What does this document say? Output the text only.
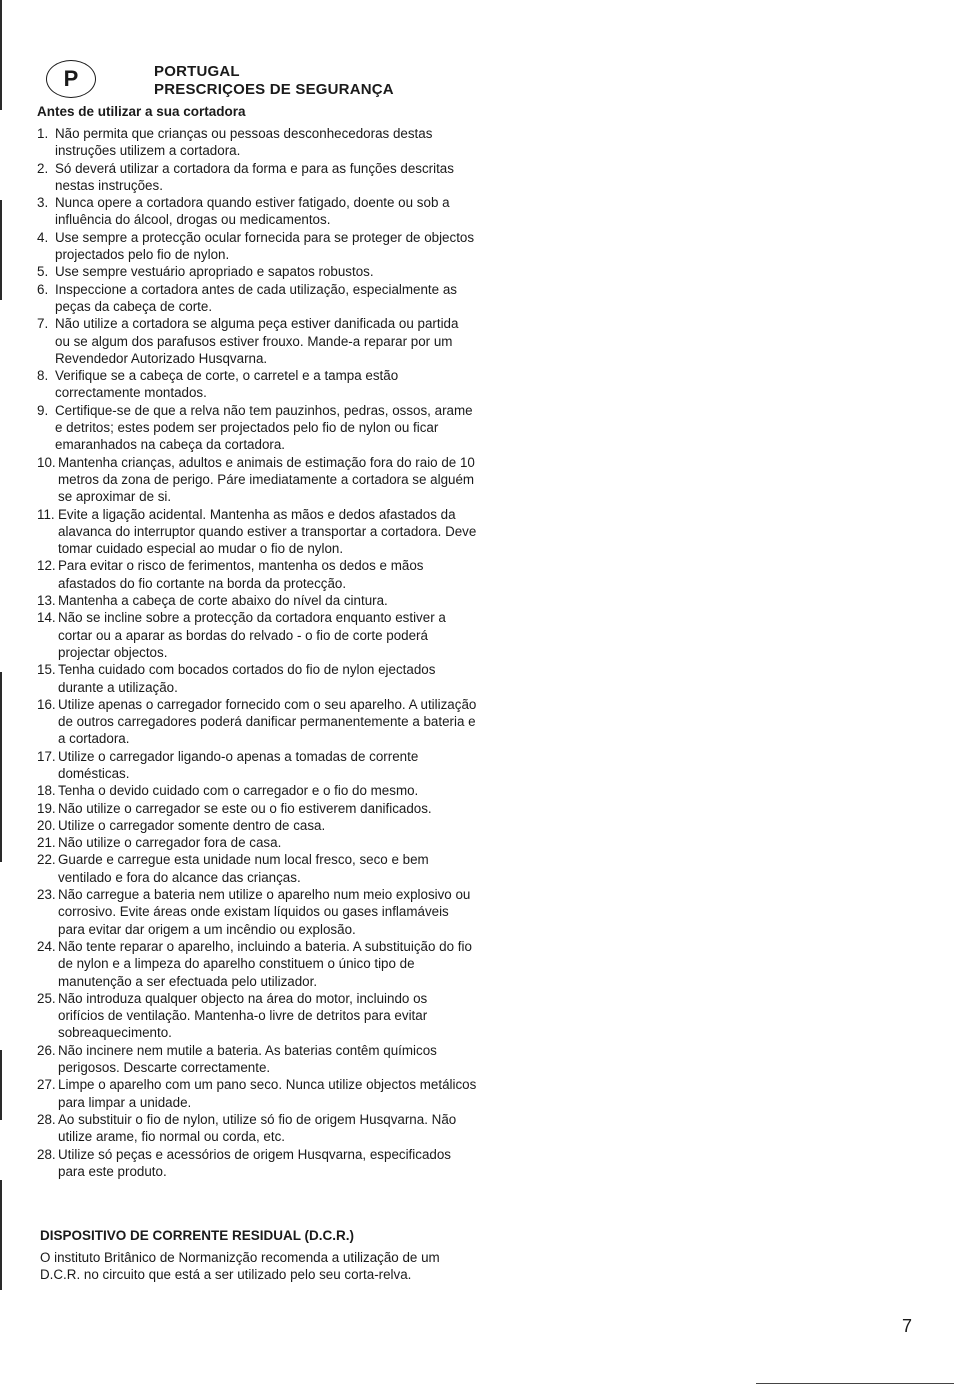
P	PORTUGAL
PRESCRIÇOES DE SEGURANÇA
Antes de utilizar a sua cortadora
1. Não permita que crianças ou pessoas desconhecedoras destas instruções utilizem a cortadora.
2. Só deverá utilizar a cortadora da forma e para as funções descritas nestas instruções.
3. Nunca opere a cortadora quando estiver fatigado, doente ou sob a influência do álcool, drogas ou medicamentos.
4. Use sempre a protecção ocular fornecida para se proteger de objectos projectados pelo fio de nylon.
5. Use sempre vestuário apropriado e sapatos robustos.
6. Inspeccione a cortadora antes de cada utilização, especialmente as peças da cabeça de corte.
7. Não utilize a cortadora se alguma peça estiver danificada ou partida ou se algum dos parafusos estiver frouxo. Mande-a reparar por um Revendedor Autorizado Husqvarna.
8. Verifique se a cabeça de corte, o carretel e a tampa estão correctamente montados.
9. Certifique-se de que a relva não tem pauzinhos, pedras, ossos, arame e detritos; estes podem ser projectados pelo fio de nylon ou ficar emaranhados na cabeça da cortadora.
10. Mantenha crianças, adultos e animais de estimação fora do raio de 10 metros da zona de perigo. Páre imediatamente a cortadora se alguém se aproximar de si.
11. Evite a ligação acidental. Mantenha as mãos e dedos afastados da alavanca do interruptor quando estiver a transportar a cortadora. Deve tomar cuidado especial ao mudar o fio de nylon.
12. Para evitar o risco de ferimentos, mantenha os dedos e mãos afastados do fio cortante na borda da protecção.
13. Mantenha a cabeça de corte abaixo do nível da cintura.
14. Não se incline sobre a protecção da cortadora enquanto estiver a cortar ou a aparar as bordas do relvado - o fio de corte poderá projectar objectos.
15. Tenha cuidado com bocados cortados do fio de nylon ejectados durante a utilização.
16. Utilize apenas o carregador fornecido com o seu aparelho. A utilização de outros carregadores poderá danificar permanentemente a bateria e a cortadora.
17. Utilize o carregador ligando-o apenas a tomadas de corrente domésticas.
18. Tenha o devido cuidado com o carregador e o fio do mesmo.
19. Não utilize o carregador se este ou o fio estiverem danificados.
20. Utilize o carregador somente dentro de casa.
21. Não utilize o carregador fora de casa.
22. Guarde e carregue esta unidade num local fresco, seco e bem ventilado e fora do alcance das crianças.
23. Não carregue a bateria nem utilize o aparelho num meio explosivo ou corrosivo. Evite áreas onde existam líquidos ou gases inflamáveis para evitar dar origem a um incêndio ou explosão.
24. Não tente reparar o aparelho, incluindo a bateria. A substituição do fio de nylon e a limpeza do aparelho constituem o único tipo de manutenção a ser efectuada pelo utilizador.
25. Não introduza qualquer objecto na área do motor, incluindo os orifícios de ventilação. Mantenha-o livre de detritos para evitar sobreaquecimento.
26. Não incinere nem mutile a bateria. As baterias contêm químicos perigosos. Descarte correctamente.
27. Limpe o aparelho com um pano seco. Nunca utilize objectos metálicos para limpar a unidade.
28. Ao substituir o fio de nylon, utilize só fio de origem Husqvarna. Não utilize arame, fio normal ou corda, etc.
28. Utilize só peças e acessórios de origem Husqvarna, especificados para este produto.
DISPOSITIVO DE CORRENTE RESIDUAL (D.C.R.)
O instituto Britânico de Normanizção recomenda a utilização de um D.C.R. no circuito que está a ser utilizado pelo seu corta-relva.
7
